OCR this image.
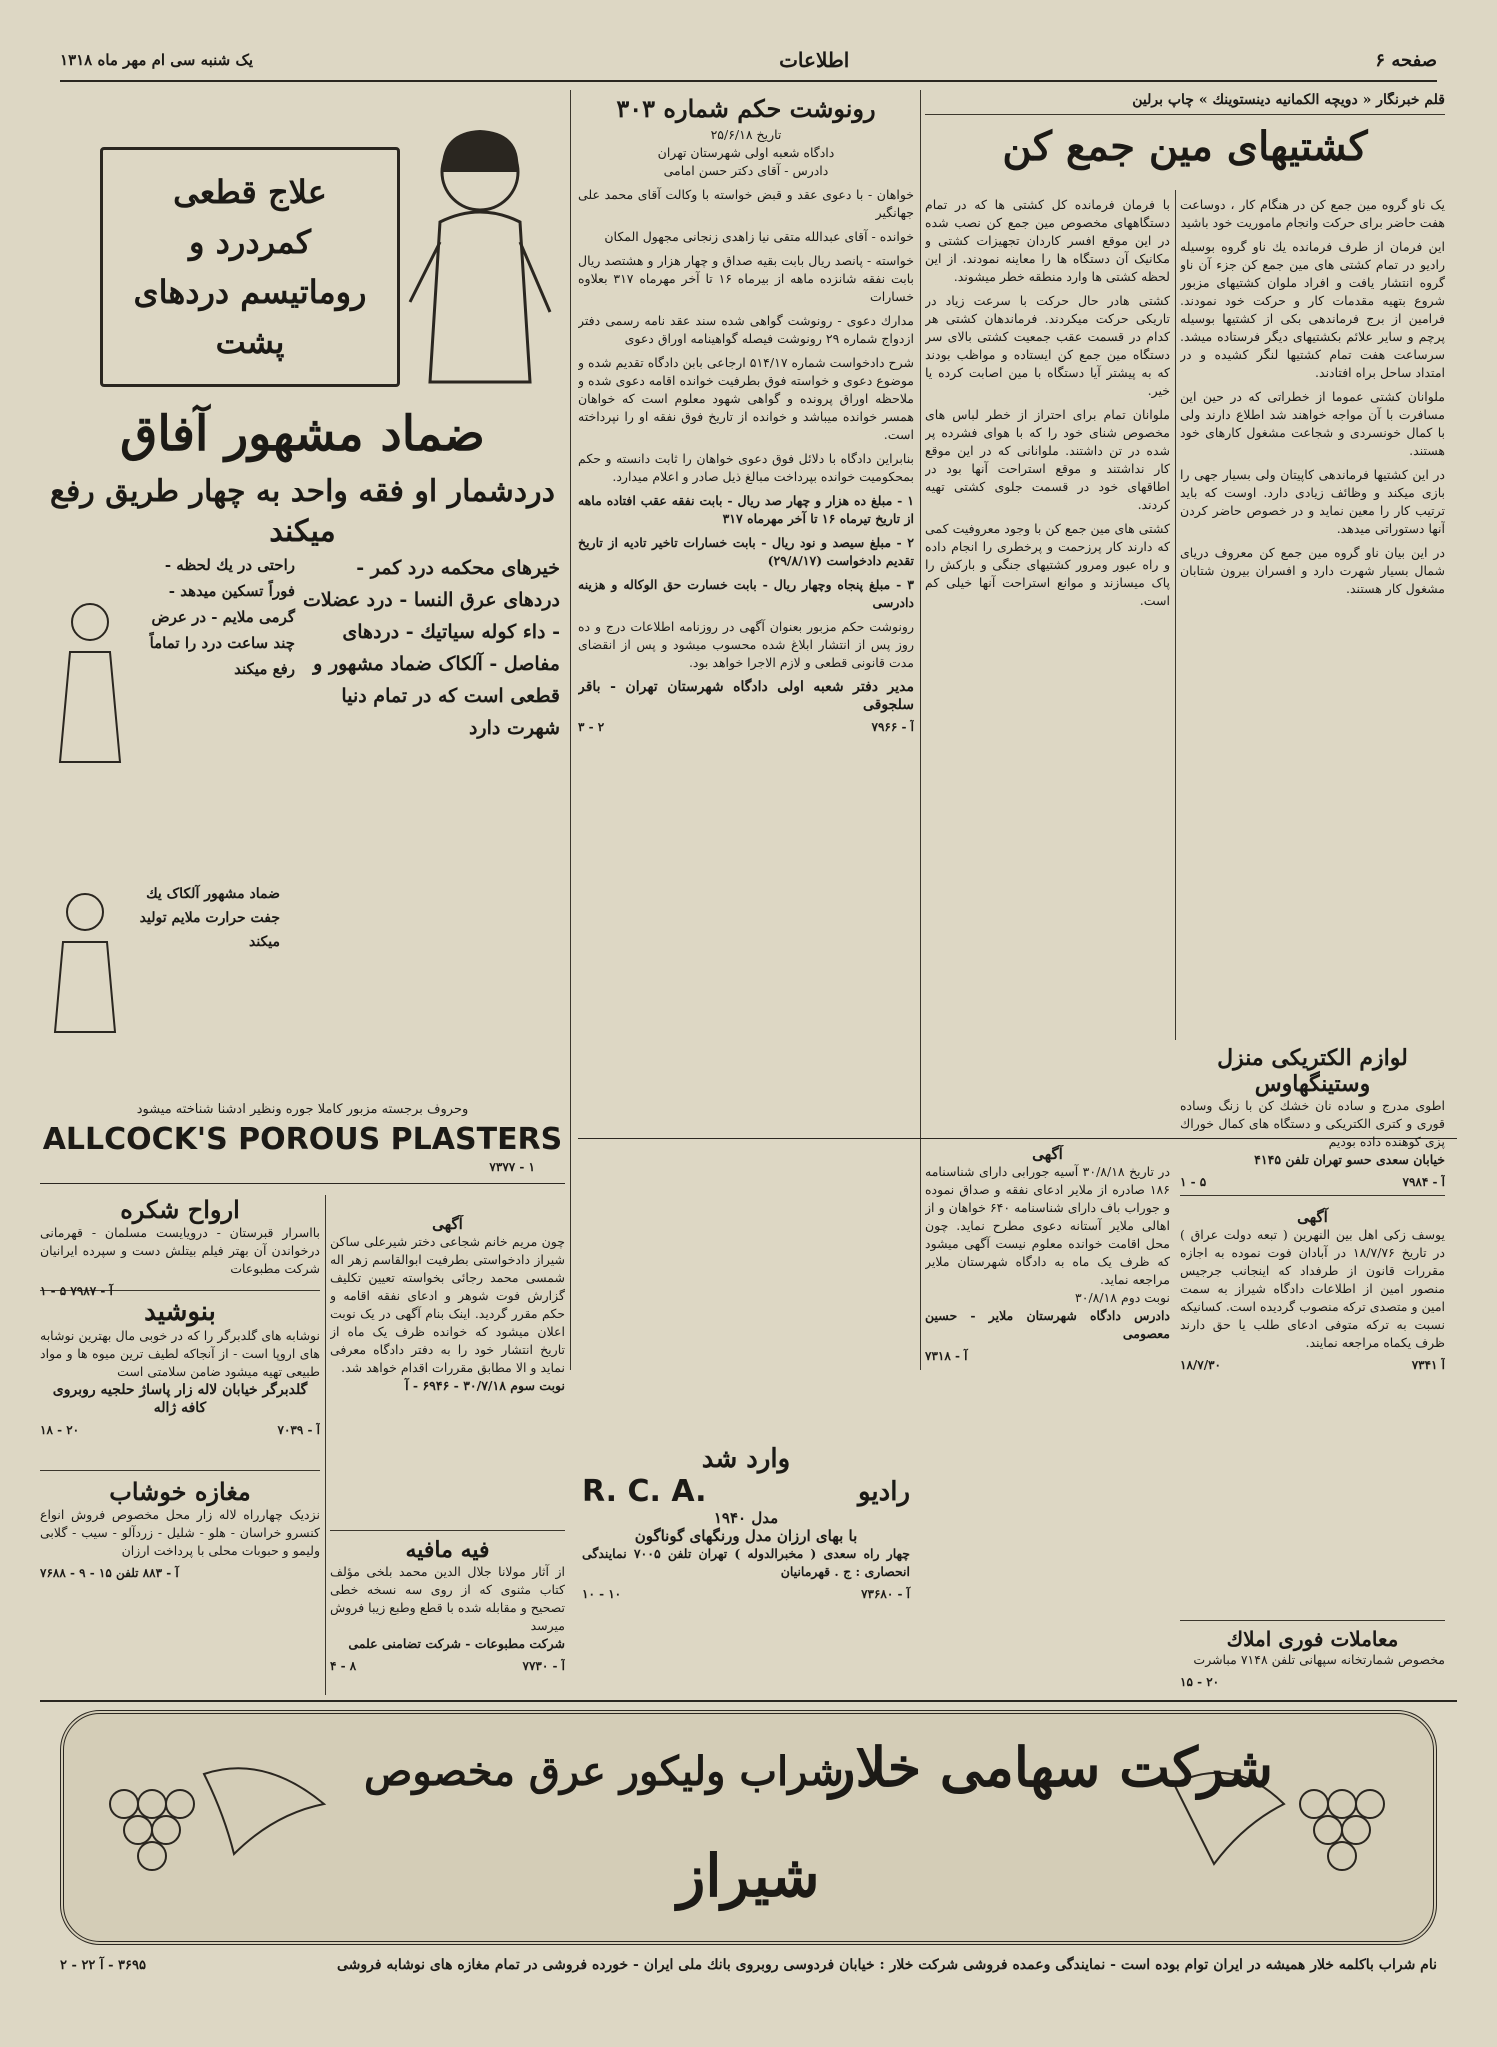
صفحه ۶
اطلاعات
یک شنبه سی ام مهر ماه ۱۳۱۸

قلم خبرنگار « دویچه الکمانیه دینستوینك » چاپ برلین

کشتیهای مین جمع کن

یک ناو گروه مین جمع کن در هنگام کار ، دوساعت هفت حاضر برای حرکت وانجام ماموریت خود باشید

این فرمان از طرف فرمانده یك ناو گروه بوسیله رادیو در تمام کشتی های مین جمع کن جزء آن ناو گروه انتشار یافت و افراد ملوان کشتیهای مزبور شروع بتهیه مقدمات کار و حرکت خود نمودند. فرامین از برج فرماندهی بکی از کشتیها بوسیله پرچم و سایر علائم بکشتیهای دیگر فرستاده میشد. سرساعت هفت تمام کشتیها لنگر کشیده و در امتداد ساحل براه افتادند.

ملوانان کشتی عموما از خطراتی که در حین این مسافرت با آن مواجه خواهند شد اطلاع دارند ولی با کمال خونسردی و شجاعت مشغول کارهای خود هستند.

در این کشتیها فرماندهی کاپیتان ولی بسیار جهی را بازی میکند و وظائف زیادی دارد. اوست که باید ترتیب کار را معین نماید و در خصوص حاضر کردن آنها دستوراتی میدهد.

در این بیان ناو گروه مین جمع کن معروف دریای شمال بسیار شهرت دارد و افسران بیرون شتابان مشغول کار هستند.

با فرمان فرمانده کل کشتی ها که در تمام دستگاههای مخصوص مین جمع کن نصب شده در این موقع افسر کاردان تجهیزات کشتی و مکانیک آن دستگاه ها را معاینه نمودند. از این لحظه کشتی ها وارد منطقه خطر میشوند.

کشتی هادر حال حرکت با سرعت زیاد در تاریکی حرکت میکردند. فرماندهان کشتی هر کدام در قسمت عقب جمعیت کشتی بالای سر دستگاه مین جمع کن ایستاده و مواظب بودند که به پیشتر آیا دستگاه با مین اصابت کرده یا خیر.

ملوانان تمام برای احتراز از خطر لباس های مخصوص شنای خود را که با هوای فشرده پر شده در تن داشتند. ملوانانی که در این موقع کار نداشتند و موقع استراحت آنها بود در اطاقهای خود در قسمت جلوی کشتی تهیه کردند.

کشتی های مین جمع کن با وجود معروفیت کمی که دارند کار پرزحمت و پرخطری را انجام داده و راه عبور ومرور کشتیهای جنگی و بارکش را پاک میسازند و موانع استراحت آنها خیلی کم است.

رونوشت حکم شماره ۳۰۳

تاریخ ۲۵/۶/۱۸

دادگاه شعبه اولی شهرستان تهران

دادرس - آقای دکتر حسن امامی

خواهان - با دعوی عقد و قبض خواسته با وکالت آقای محمد علی جهانگیر

خوانده - آقای عبدالله متقی نیا زاهدی زنجانی مجهول المکان

خواسته - پانصد ریال بابت بقیه صداق و چهار هزار و هشتصد ریال بابت نفقه شانزده ماهه از بیرماه ۱۶ تا آخر مهرماه ۳۱۷ بعلاوه خسارات

مدارك دعوی - رونوشت گواهی شده سند عقد نامه رسمی دفتر ازدواج شماره ۲۹ رونوشت فیصله گواهینامه اوراق دعوی

شرح دادخواست شماره ۵۱۴/۱۷ ارجاعی بابن دادگاه تقدیم شده و موضوع دعوی و خواسته فوق بطرفیت خوانده اقامه دعوی شده و ملاحظه اوراق پرونده و گواهی شهود معلوم است که خواهان همسر خوانده میباشد و خوانده از تاریخ فوق نفقه او را نپرداخته است.

بنابراین دادگاه با دلائل فوق دعوی خواهان را ثابت دانسته و حکم بمحکومیت خوانده بپرداخت مبالغ ذیل صادر و اعلام میدارد.

۱ - مبلغ ده هزار و چهار صد ریال - بابت نفقه عقب افتاده ماهه از تاریخ تیرماه ۱۶ تا آخر مهرماه ۳۱۷

۲ - مبلغ سیصد و نود ریال - بابت خسارات تاخیر تادیه از تاریخ تقدیم دادخواست (۲۹/۸/۱۷)

۳ - مبلغ پنجاه وچهار ریال - بابت خسارت حق الوکاله و هزینه دادرسی

رونوشت حکم مزبور بعنوان آگهی در روزنامه اطلاعات درج و ده روز پس از انتشار ابلاغ شده محسوب میشود و پس از انقضای مدت قانونی قطعی و لازم الاجرا خواهد بود.

مدیر دفتر شعبه اولی دادگاه شهرستان تهران - باقر سلجوقی

۳ - ۲	۷۹۶۶ - آ
علاج قطعی کمردرد و روماتیسم دردهای پشت
ضماد مشهور آفاق
دردشمار او فقه واحد به چهار طریق رفع میکند

خیرهای محکمه درد کمر - دردهای عرق النسا - درد عضلات - داء کوله سیاتیك - دردهای مفاصل - آلکاک ضماد مشهور و قطعی است که در تمام دنیا شهرت دارد

راحتی در یك لحظه - فوراً تسکین میدهد - گرمی ملایم - در عرض چند ساعت درد را تماماً رفع میکند

ضماد مشهور آلکاک یك جفت حرارت ملایم تولید میکند

وحروف برجسته مزبور کاملا جوره ونظیر ادشنا شناخته میشود

ALLCOCK'S POROUS PLASTERS
۱ - ۷۳۷۷
ارواح شکره

بااسرار قبرستان - درویایست مسلمان - قهرمانی درخواندن آن بهتر فیلم بیتلش دست و سپرده ایرانیان شرکت مطبوعات

۱ - ۵ ۷۹۸۷ - آ
بنوشید

نوشابه های گلدبرگر را که در خوبی مال بهترین نوشابه های اروپا است - از آنجاکه لطیف ترین میوه ها و مواد طبیعی تهیه میشود ضامن سلامتی است

گلدبرگر خیابان لاله زار پاساژ حلجیه روبروی کافه ژاله

۱۸ - ۲۰	۷۰۳۹ - آ
مغازه خوشاب

نزدیک چهارراه لاله زار محل مخصوص فروش انواع کنسرو خراسان - هلو - شلیل - زردآلو - سیب - گلابی ولیمو و حبوبات محلی با پرداخت ارزان

۷۶۸۸ - آ - ۸۸۳ تلفن ۱۵ - ۹
آگهی

چون مریم خانم شجاعی دختر شیرعلی ساکن شیراز دادخواستی بطرفیت ابوالقاسم زهر اله شمسی محمد رجائی بخواسته تعیین تکلیف گزارش فوت شوهر و ادعای نفقه اقامه و حکم مقرر گردید. اینک بنام آگهی در یک نوبت اعلان میشود که خوانده ظرف یک ماه از تاریخ انتشار خود را به دفتر دادگاه معرفی نماید و الا مطابق مقررات اقدام خواهد شد.

نوبت سوم ۳۰/۷/۱۸ - ۶۹۴۶ - آ

فیه مافیه

از آثار مولانا جلال الدین محمد بلخی مؤلف کتاب مثنوی که از روی سه نسخه خطی تصحیح و مقابله شده با قطع وطبع زیبا فروش میرسد

شرکت مطبوعات - شرکت تضامنی علمی

۴ - ۸	۷۷۳۰ - آ
آگهی

در تاریخ ۳۰/۸/۱۸ آسیه جورابی دارای شناسنامه ۱۸۶ صادره از ملایر ادعای نفقه و صداق نموده و جوراب باف دارای شناسنامه ۶۴۰ خواهان و از اهالی ملایر آستانه دعوی مطرح نماید. چون محل اقامت خوانده معلوم نیست آگهی میشود که ظرف یک ماه به دادگاه شهرستان ملایر مراجعه نماید.

نوبت دوم ۳۰/۸/۱۸

دادرس دادگاه شهرستان ملایر - حسین معصومی

۷۳۱۸ - آ
وارد شد
رادیو
R. C. A.

مدل ۱۹۴۰

با بهای ارزان مدل ورنگهای گوناگون

چهار راه سعدی ( مخبرالدوله ) تهران تلفن ۷۰۰۵ نمایندگی انحصاری : ج . قهرمانیان

۱۰ - ۱۰	۷۳۶۸۰ - آ
لوازم الکتریکی منزل
وستینگهاوس

اطوی مدرج و ساده نان خشك کن با زنگ وساده قوری و کتری الکتریکی و دستگاه های کمال خوراك پزی کوهنده داده بودیم

خیابان سعدی حسو تهران تلفن ۴۱۴۵

۱ - ۵	۷۹۸۴ - آ
آگهی

یوسف زکی اهل بین النهرین ( تبعه دولت عراق ) در تاریخ ۱۸/۷/۷۶ در آبادان فوت نموده به اجازه مقررات قانون از طرفداد که اینجانب جرجیس منصور امین از اطلاعات دادگاه شیراز به سمت امین و متصدی ترکه منصوب گردیده است. کسانیکه نسبت به ترکه متوفی ادعای طلب یا حق دارند ظرف یکماه مراجعه نمایند.

۱۸/۷/۳۰	۷۳۴۱ آ
معاملات فوری املاك

مخصوص شمارتخانه سپهانی تلفن ۷۱۴۸ مباشرت

۱۵ - ۲۰
شرکت سهامی خلار
شراب ولیکور عرق مخصوص
شیراز
نام شراب باکلمه خلار همیشه در ایران توام بوده است - نمایندگی وعمده فروشی شرکت خلار : خیابان فردوسی روبروی بانك ملی ایران - خورده فروشی در تمام مغازه های نوشابه فروشی
۳۶۹۵ - آ ۲۲ - ۲
